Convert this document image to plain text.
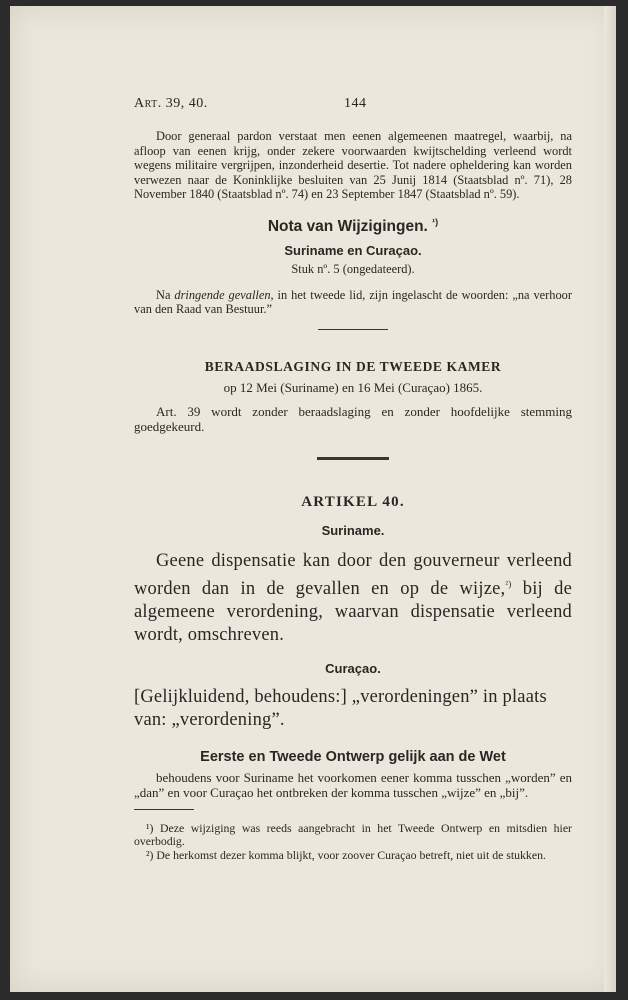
Art. 39, 40.	144

Door generaal pardon verstaat men eenen algemeenen maatregel, waarbij, na afloop van eenen krijg, onder zekere voorwaarden kwijtschelding verleend wordt wegens militaire vergrijpen, inzonderheid desertie. Tot nadere opheldering kan worden verwezen naar de Koninklijke besluiten van 25 Junij 1814 (Staatsblad nº. 71), 28 November 1840 (Staatsblad nº. 74) en 23 September 1847 (Staatsblad nº. 59).

Nota van Wijzigingen. $^{^1)}$

Suriname en Curaçao.

Stuk nº. 5 (ongedateerd).

Na dringende gevallen, in het tweede lid, zijn ingelascht de woorden: „na verhoor van den Raad van Bestuur.”

BERAADSLAGING IN DE TWEEDE KAMER

op 12 Mei (Suriname) en 16 Mei (Curaçao) 1865.

Art. 39 wordt zonder beraadslaging en zonder hoofdelijke stemming goedgekeurd.

ARTIKEL 40.

Suriname.

Geene dispensatie kan door den gouverneur verleend worden dan in de gevallen en op de wijze,$^{^2)}$ bij de algemeene verordening, waarvan dispensatie verleend wordt, omschreven.

Curaçao.

[Gelijkluidend, behoudens:] „verordeningen” in plaats van: „verordening”.

Eerste en Tweede Ontwerp gelijk aan de Wet

behoudens voor Suriname het voorkomen eener komma tusschen „worden” en „dan” en voor Curaçao het ontbreken der komma tusschen „wijze” en „bij”.

¹) Deze wijziging was reeds aangebracht in het Tweede Ontwerp en mitsdien hier overbodig.

²) De herkomst dezer komma blijkt, voor zoover Curaçao betreft, niet uit de stukken.
